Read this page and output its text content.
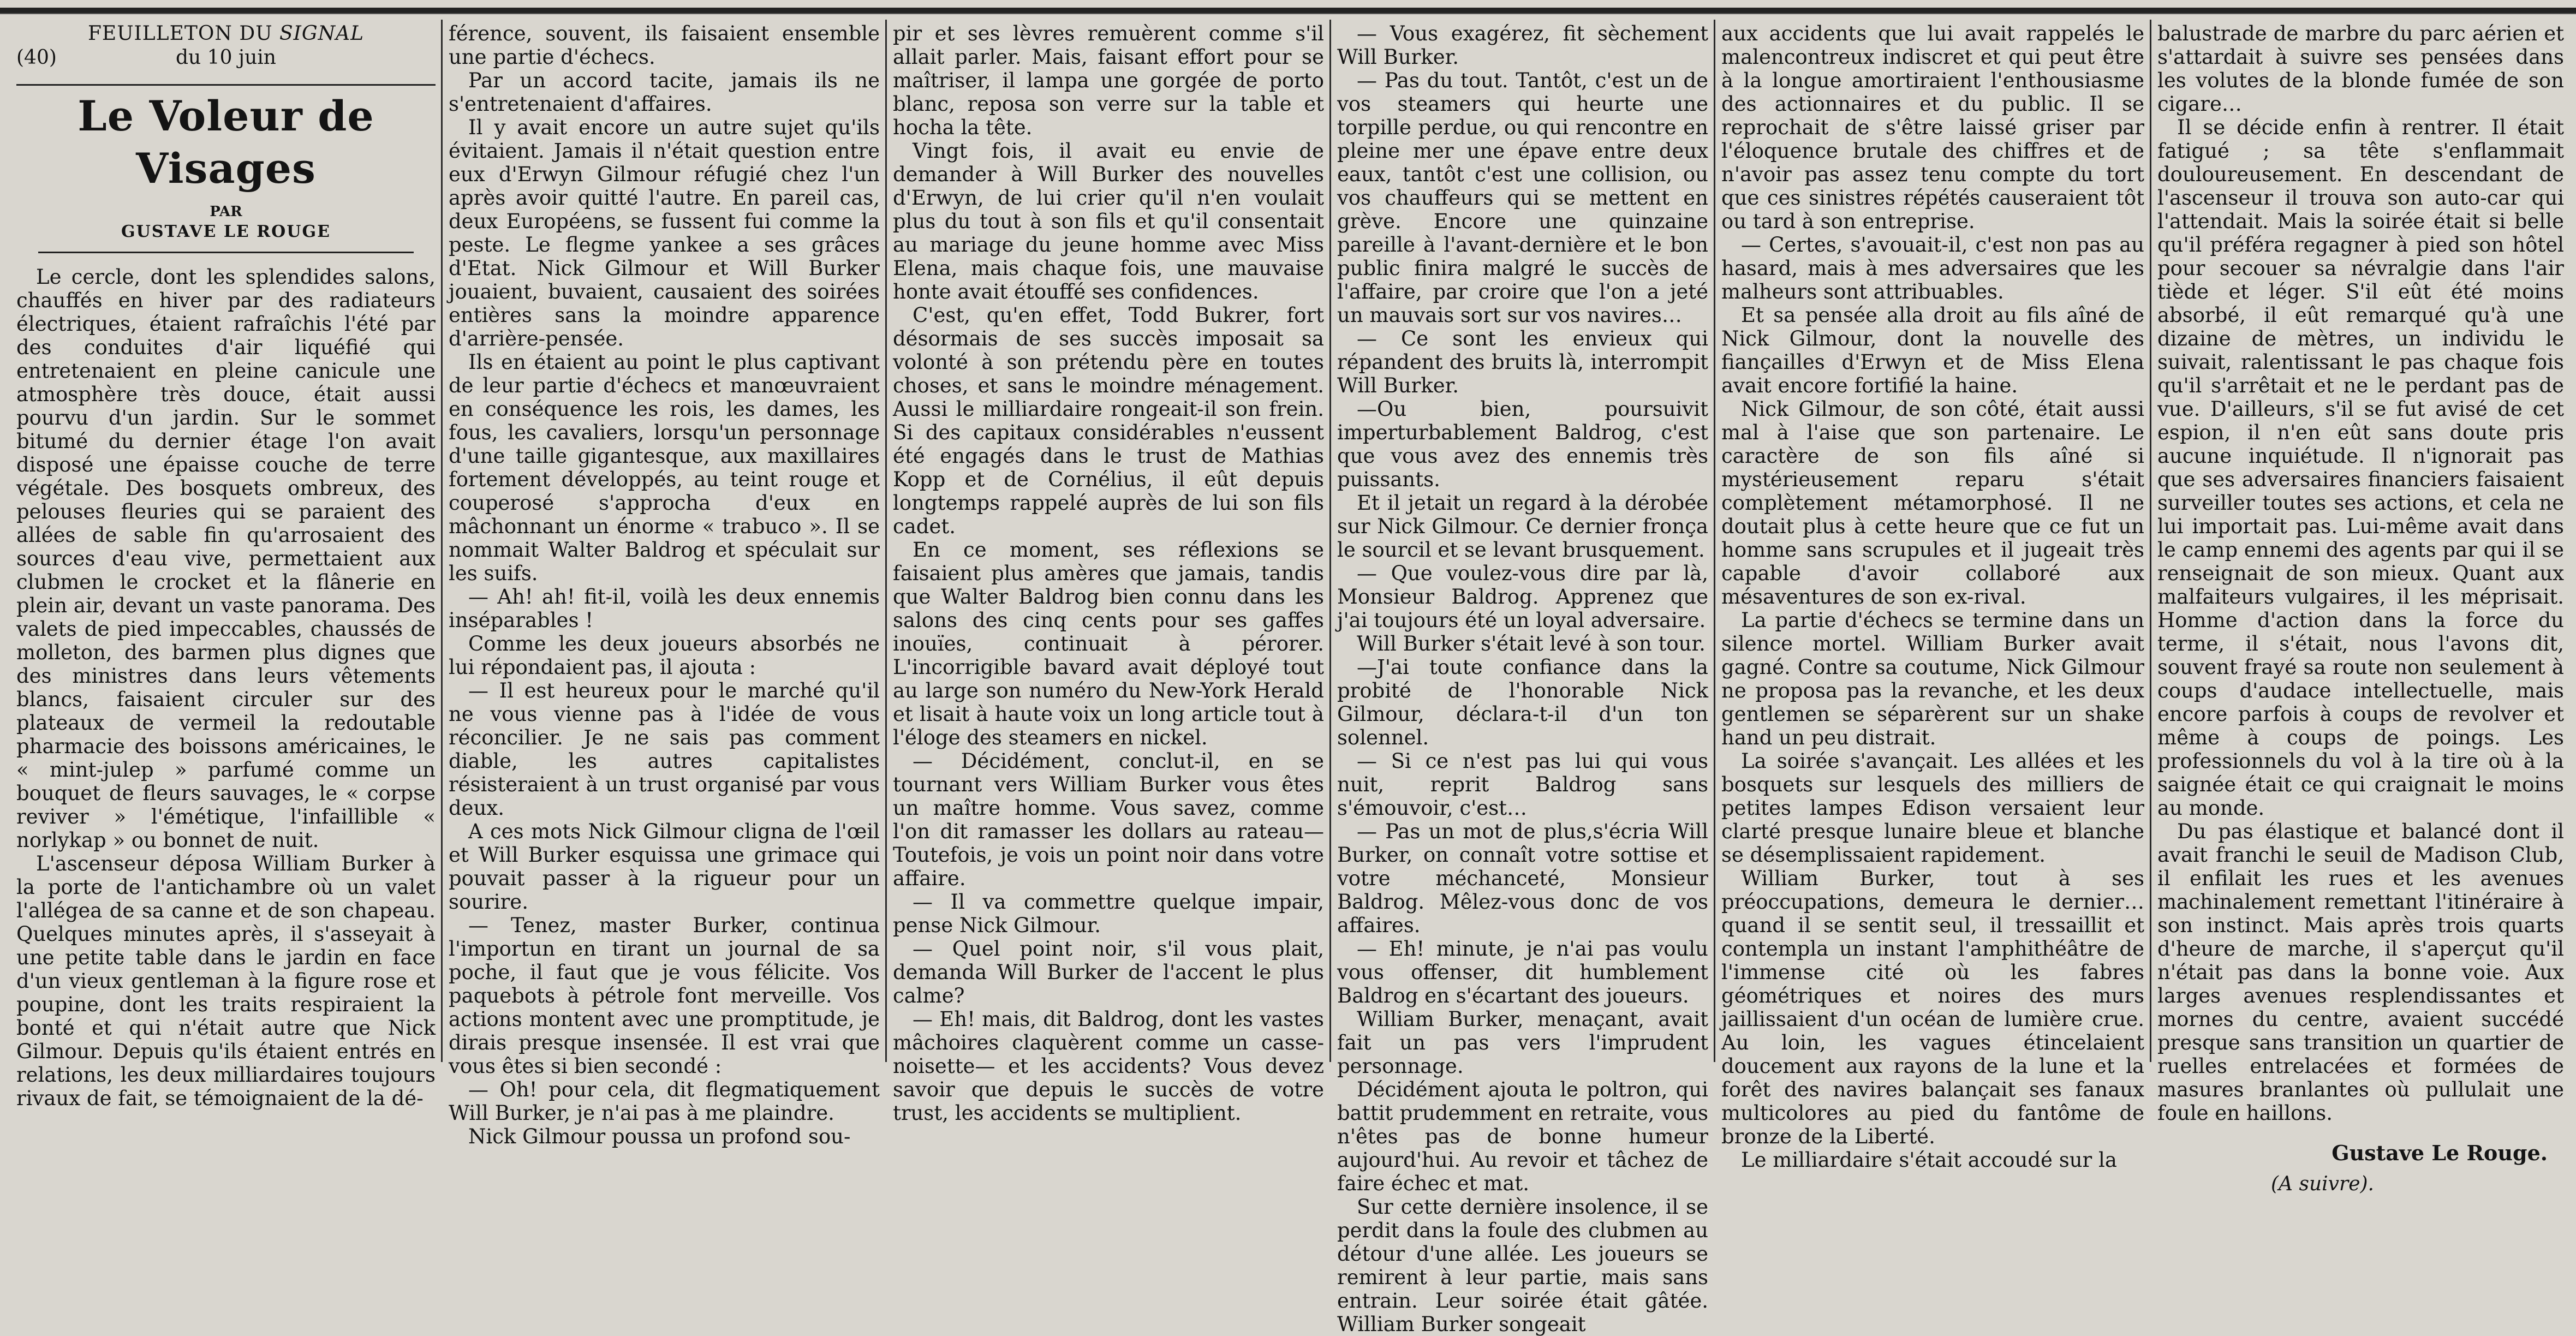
FEUILLETON DU SIGNAL
(40)	du 10 juin
Le Voleur de Visages
PAR
GUSTAVE LE ROUGE

Le cercle, dont les splendides salons, chauffés en hiver par des radiateurs électriques, étaient rafraîchis l'été par des conduites d'air liquéfié qui entretenaient en pleine canicule une atmosphère très douce, était aussi pourvu d'un jardin. Sur le sommet bitumé du dernier étage l'on avait disposé une épaisse couche de terre végétale. Des bosquets ombreux, des pelouses fleuries qui se paraient des allées de sable fin qu'arrosaient des sources d'eau vive, permettaient aux clubmen le crocket et la flânerie en plein air, devant un vaste panorama. Des valets de pied impeccables, chaussés de molleton, des barmen plus dignes que des ministres dans leurs vêtements blancs, faisaient circuler sur des plateaux de vermeil la redoutable pharmacie des boissons américaines, le « mint-julep » parfumé comme un bouquet de fleurs sauvages, le « corpse reviver » l'émétique, l'infaillible « norlykap » ou bonnet de nuit.

L'ascenseur déposa William Burker à la porte de l'antichambre où un valet l'allégea de sa canne et de son chapeau. Quelques minutes après, il s'asseyait à une petite table dans le jardin en face d'un vieux gentleman à la figure rose et poupine, dont les traits respiraient la bonté et qui n'était autre que Nick Gilmour. Depuis qu'ils étaient entrés en relations, les deux milliardaires toujours rivaux de fait, se témoignaient de la dé-

férence, souvent, ils faisaient ensemble une partie d'échecs.

Par un accord tacite, jamais ils ne s'entretenaient d'affaires.

Il y avait encore un autre sujet qu'ils évitaient. Jamais il n'était question entre eux d'Erwyn Gilmour réfugié chez l'un après avoir quitté l'autre. En pareil cas, deux Européens, se fussent fui comme la peste. Le flegme yankee a ses grâces d'Etat. Nick Gilmour et Will Burker jouaient, buvaient, causaient des soirées entières sans la moindre apparence d'arrière-pensée.

Ils en étaient au point le plus captivant de leur partie d'échecs et manœuvraient en conséquence les rois, les dames, les fous, les cavaliers, lorsqu'un personnage d'une taille gigantesque, aux maxillaires fortement développés, au teint rouge et couperosé s'approcha d'eux en mâchonnant un énorme « trabuco ». Il se nommait Walter Baldrog et spéculait sur les suifs.

— Ah! ah! fit-il, voilà les deux ennemis inséparables !

Comme les deux joueurs absorbés ne lui répondaient pas, il ajouta :

— Il est heureux pour le marché qu'il ne vous vienne pas à l'idée de vous réconcilier. Je ne sais pas comment diable, les autres capitalistes résisteraient à un trust organisé par vous deux.

A ces mots Nick Gilmour cligna de l'œil et Will Burker esquissa une grimace qui pouvait passer à la rigueur pour un sourire.

— Tenez, master Burker, continua l'importun en tirant un journal de sa poche, il faut que je vous félicite. Vos paquebots à pétrole font merveille. Vos actions montent avec une promptitude, je dirais presque insensée. Il est vrai que vous êtes si bien secondé :

— Oh! pour cela, dit flegmatiquement Will Burker, je n'ai pas à me plaindre.

Nick Gilmour poussa un profond sou-

pir et ses lèvres remuèrent comme s'il allait parler. Mais, faisant effort pour se maîtriser, il lampa une gorgée de porto blanc, reposa son verre sur la table et hocha la tête.

Vingt fois, il avait eu envie de demander à Will Burker des nouvelles d'Erwyn, de lui crier qu'il n'en voulait plus du tout à son fils et qu'il consentait au mariage du jeune homme avec Miss Elena, mais chaque fois, une mauvaise honte avait étouffé ses confidences.

C'est, qu'en effet, Todd Bukrer, fort désormais de ses succès imposait sa volonté à son prétendu père en toutes choses, et sans le moindre ménagement. Aussi le milliardaire rongeait-il son frein. Si des capitaux considérables n'eussent été engagés dans le trust de Mathias Kopp et de Cornélius, il eût depuis longtemps rappelé auprès de lui son fils cadet.

En ce moment, ses réflexions se faisaient plus amères que jamais, tandis que Walter Baldrog bien connu dans les salons des cinq cents pour ses gaffes inouïes, continuait à pérorer. L'incorrigible bavard avait déployé tout au large son numéro du New-York Herald et lisait à haute voix un long article tout à l'éloge des steamers en nickel.

— Décidément, conclut-il, en se tournant vers William Burker vous êtes un maître homme. Vous savez, comme l'on dit ramasser les dollars au rateau— Toutefois, je vois un point noir dans votre affaire.

— Il va commettre quelque impair, pense Nick Gilmour.

— Quel point noir, s'il vous plait, demanda Will Burker de l'accent le plus calme?

— Eh! mais, dit Baldrog, dont les vastes mâchoires claquèrent comme un casse-noisette— et les accidents? Vous devez savoir que depuis le succès de votre trust, les accidents se multiplient.

— Vous exagérez, fit sèchement Will Burker.

— Pas du tout. Tantôt, c'est un de vos steamers qui heurte une torpille perdue, ou qui rencontre en pleine mer une épave entre deux eaux, tantôt c'est une collision, ou vos chauffeurs qui se mettent en grève. Encore une quinzaine pareille à l'avant-dernière et le bon public finira malgré le succès de l'affaire, par croire que l'on a jeté un mauvais sort sur vos navires…

— Ce sont les envieux qui répandent des bruits là, interrompit Will Burker.

—Ou bien, poursuivit imperturbablement Baldrog, c'est que vous avez des ennemis très puissants.

Et il jetait un regard à la dérobée sur Nick Gilmour. Ce dernier fronça le sourcil et se levant brusquement.

— Que voulez-vous dire par là, Monsieur Baldrog. Apprenez que j'ai toujours été un loyal adversaire.

Will Burker s'était levé à son tour.

—J'ai toute confiance dans la probité de l'honorable Nick Gilmour, déclara-t-il d'un ton solennel.

— Si ce n'est pas lui qui vous nuit, reprit Baldrog sans s'émouvoir, c'est…

— Pas un mot de plus,s'écria Will Burker, on connaît votre sottise et votre méchanceté, Monsieur Baldrog. Mêlez-vous donc de vos affaires.

— Eh! minute, je n'ai pas voulu vous offenser, dit humblement Baldrog en s'écartant des joueurs.

William Burker, menaçant, avait fait un pas vers l'imprudent personnage.

Décidément ajouta le poltron, qui battit prudemment en retraite, vous n'êtes pas de bonne humeur aujourd'hui. Au revoir et tâchez de faire échec et mat.

Sur cette dernière insolence, il se perdit dans la foule des clubmen au détour d'une allée. Les joueurs se remirent à leur partie, mais sans entrain. Leur soirée était gâtée. William Burker songeait

aux accidents que lui avait rappelés le malencontreux indiscret et qui peut être à la longue amortiraient l'enthousiasme des actionnaires et du public. Il se reprochait de s'être laissé griser par l'éloquence brutale des chiffres et de n'avoir pas assez tenu compte du tort que ces sinistres répétés causeraient tôt ou tard à son entreprise.

— Certes, s'avouait-il, c'est non pas au hasard, mais à mes adversaires que les malheurs sont attribuables.

Et sa pensée alla droit au fils aîné de Nick Gilmour, dont la nouvelle des fiançailles d'Erwyn et de Miss Elena avait encore fortifié la haine.

Nick Gilmour, de son côté, était aussi mal à l'aise que son partenaire. Le caractère de son fils aîné si mystérieusement reparu s'était complètement métamorphosé. Il ne doutait plus à cette heure que ce fut un homme sans scrupules et il jugeait très capable d'avoir collaboré aux mésaventures de son ex-rival.

La partie d'échecs se termine dans un silence mortel. William Burker avait gagné. Contre sa coutume, Nick Gilmour ne proposa pas la revanche, et les deux gentlemen se séparèrent sur un shake hand un peu distrait.

La soirée s'avançait. Les allées et les bosquets sur lesquels des milliers de petites lampes Edison versaient leur clarté presque lunaire bleue et blanche se désemplissaient rapidement.

William Burker, tout à ses préoccupations, demeura le dernier… quand il se sentit seul, il tressaillit et contempla un instant l'amphithéâtre de l'immense cité où les fabres géométriques et noires des murs jaillissaient d'un océan de lumière crue. Au loin, les vagues étincelaient doucement aux rayons de la lune et la forêt des navires balançait ses fanaux multicolores au pied du fantôme de bronze de la Liberté.

Le milliardaire s'était accoudé sur la

balustrade de marbre du parc aérien et s'attardait à suivre ses pensées dans les volutes de la blonde fumée de son cigare…

Il se décide enfin à rentrer. Il était fatigué ; sa tête s'enflammait douloureusement. En descendant de l'ascenseur il trouva son auto-car qui l'attendait. Mais la soirée était si belle qu'il préféra regagner à pied son hôtel pour secouer sa névralgie dans l'air tiède et léger. S'il eût été moins absorbé, il eût remarqué qu'à une dizaine de mètres, un individu le suivait, ralentissant le pas chaque fois qu'il s'arrêtait et ne le perdant pas de vue. D'ailleurs, s'il se fut avisé de cet espion, il n'en eût sans doute pris aucune inquiétude. Il n'ignorait pas que ses adversaires financiers faisaient surveiller toutes ses actions, et cela ne lui importait pas. Lui-même avait dans le camp ennemi des agents par qui il se renseignait de son mieux. Quant aux malfaiteurs vulgaires, il les méprisait. Homme d'action dans la force du terme, il s'était, nous l'avons dit, souvent frayé sa route non seulement à coups d'audace intellectuelle, mais encore parfois à coups de revolver et même à coups de poings. Les professionnels du vol à la tire où à la saignée était ce qui craignait le moins au monde.

Du pas élastique et balancé dont il avait franchi le seuil de Madison Club, il enfilait les rues et les avenues machinalement remettant l'itinéraire à son instinct. Mais après trois quarts d'heure de marche, il s'aperçut qu'il n'était pas dans la bonne voie. Aux larges avenues resplendissantes et mornes du centre, avaient succédé presque sans transition un quartier de ruelles entrelacées et formées de masures branlantes où pullulait une foule en haillons.

Gustave Le Rouge.
(A suivre).
